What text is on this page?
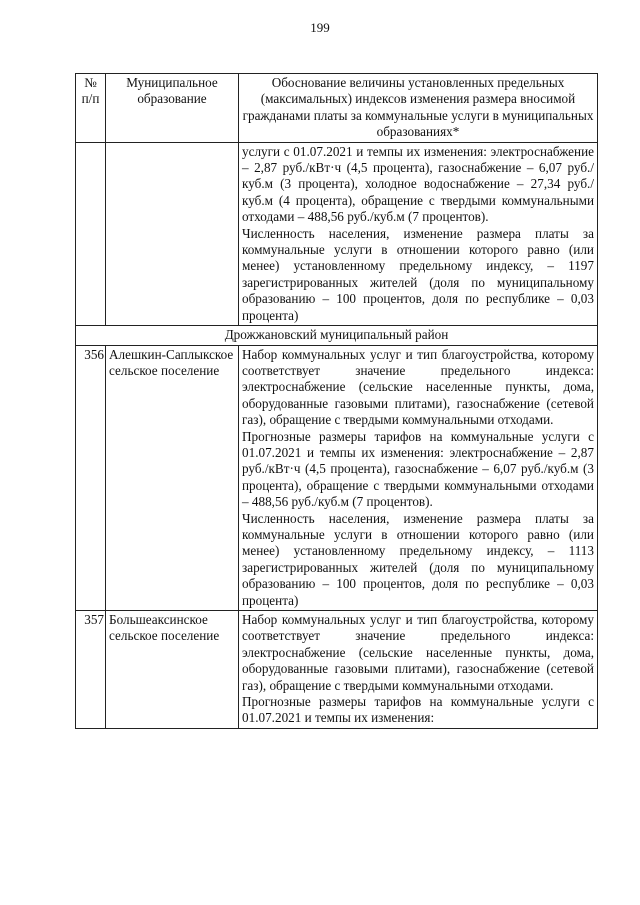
199
№ п/п	Муниципальное образование	Обоснование величины установленных предельных (максимальных) индексов изменения размера вносимой гражданами платы за коммунальные услуги в муниципальных образованиях*

		услуги с 01.07.2021 и темпы их изменения: электроснабжение – 2,87 руб./кВт·ч (4,5 процента), газоснабжение – 6,07 руб./куб.м (3 процента), холодное водоснабжение – 27,34 руб./куб.м (4 процента), обращение с твердыми коммунальными отходами – 488,56 руб./куб.м (7 процентов).

Численность населения, изменение размера платы за коммунальные услуги в отношении которого равно (или менее) установленному предельному индексу, – 1197 зарегистрированных жителей (доля по муниципальному образованию – 100 процентов, доля по республике – 0,03 процента)

Дрожжановский муниципальный район		
356	Алешкин-Саплыкское сельское поселение	Набор коммунальных услуг и тип благоустройства, которому соответствует значение предельного индекса: электроснабжение (сельские населенные пункты, дома, оборудованные газовыми плитами), газоснабжение (сетевой газ), обращение с твердыми коммунальными отходами.

Прогнозные размеры тарифов на коммунальные услуги с 01.07.2021 и темпы их изменения: электроснабжение – 2,87 руб./кВт·ч (4,5 процента), газоснабжение – 6,07 руб./куб.м (3 процента), обращение с твердыми коммунальными отходами – 488,56 руб./куб.м (7 процентов).

Численность населения, изменение размера платы за коммунальные услуги в отношении которого равно (или менее) установленному предельному индексу, – 1113 зарегистрированных жителей (доля по муниципальному образованию – 100 процентов, доля по республике – 0,03 процента)

357	Большеаксинское сельское поселение	Набор коммунальных услуг и тип благоустройства, которому соответствует значение предельного индекса: электроснабжение (сельские населенные пункты, дома, оборудованные газовыми плитами), газоснабжение (сетевой газ), обращение с твердыми коммунальными отходами.

Прогнозные размеры тарифов на коммунальные услуги с 01.07.2021 и темпы их изменения:
